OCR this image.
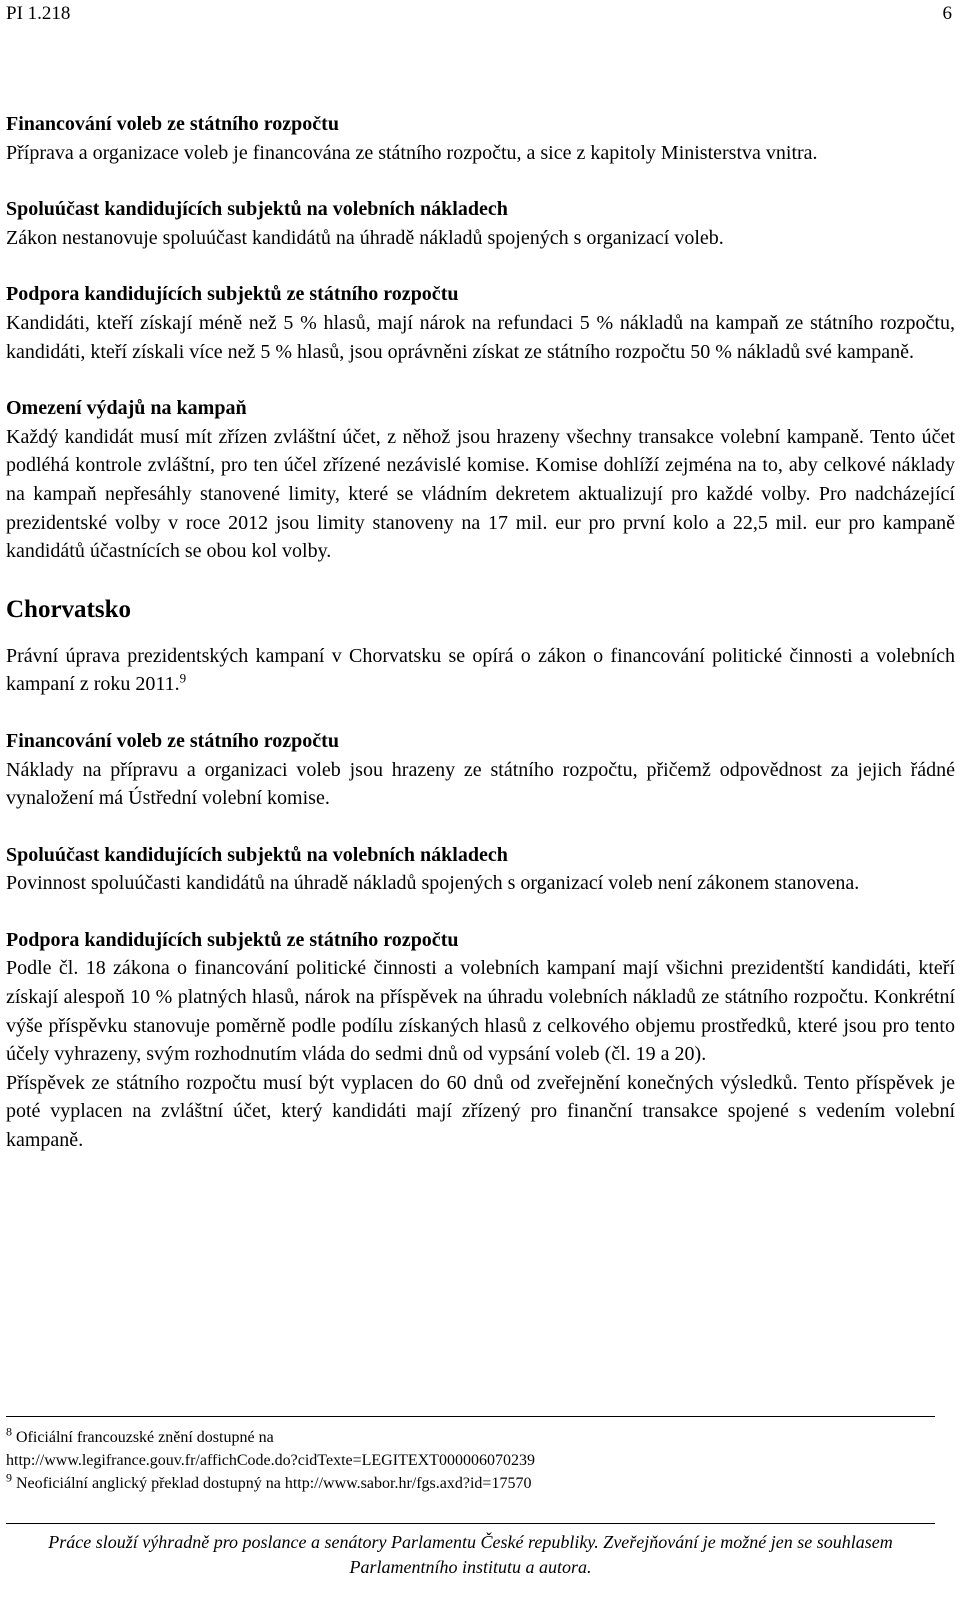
PI 1.218	6
Financování voleb ze státního rozpočtu

Příprava a organizace voleb je financována ze státního rozpočtu, a sice z kapitoly Ministerstva vnitra.

Spoluúčast kandidujících subjektů na volebních nákladech

Zákon nestanovuje spoluúčast kandidátů na úhradě nákladů spojených s organizací voleb.

Podpora kandidujících subjektů ze státního rozpočtu

Kandidáti, kteří získají méně než 5 % hlasů, mají nárok na refundaci 5 % nákladů na kampaň ze státního rozpočtu, kandidáti, kteří získali více než 5 % hlasů, jsou oprávněni získat ze státního rozpočtu 50 % nákladů své kampaně.

Omezení výdajů na kampaň

Každý kandidát musí mít zřízen zvláštní účet, z něhož jsou hrazeny všechny transakce volební kampaně. Tento účet podléhá kontrole zvláštní, pro ten účel zřízené nezávislé komise. Komise dohlíží zejména na to, aby celkové náklady na kampaň nepřesáhly stanovené limity, které se vládním dekretem aktualizují pro každé volby. Pro nadcházející prezidentské volby v roce 2012 jsou limity stanoveny na 17 mil. eur pro první kolo a 22,5 mil. eur pro kampaně kandidátů účastnících se obou kol volby.

Chorvatsko

Právní úprava prezidentských kampaní v Chorvatsku se opírá o zákon o financování politické činnosti a volebních kampaní z roku 2011.$^9$

Financování voleb ze státního rozpočtu

Náklady na přípravu a organizaci voleb jsou hrazeny ze státního rozpočtu, přičemž odpovědnost za jejich řádné vynaložení má Ústřední volební komise.

Spoluúčast kandidujících subjektů na volebních nákladech

Povinnost spoluúčasti kandidátů na úhradě nákladů spojených s organizací voleb není zákonem stanovena.

Podpora kandidujících subjektů ze státního rozpočtu

Podle čl. 18 zákona o financování politické činnosti a volebních kampaní mají všichni prezidentští kandidáti, kteří získají alespoň 10 % platných hlasů, nárok na příspěvek na úhradu volebních nákladů ze státního rozpočtu. Konkrétní výše příspěvku stanovuje poměrně podle podílu získaných hlasů z celkového objemu prostředků, které jsou pro tento účely vyhrazeny, svým rozhodnutím vláda do sedmi dnů od vypsání voleb (čl. 19 a 20).

Příspěvek ze státního rozpočtu musí být vyplacen do 60 dnů od zveřejnění konečných výsledků. Tento příspěvek je poté vyplacen na zvláštní účet, který kandidáti mají zřízený pro finanční transakce spojené s vedením volební kampaně.

$^8$ Oficiální francouzské znění dostupné na
http://www.legifrance.gouv.fr/affichCode.do?cidTexte=LEGITEXT000006070239
$^9$ Neoficiální anglický překlad dostupný na http://www.sabor.hr/fgs.axd?id=17570
Práce slouží výhradně pro poslance a senátory Parlamentu České republiky. Zveřejňování je možné jen se souhlasem Parlamentního institutu a autora.
